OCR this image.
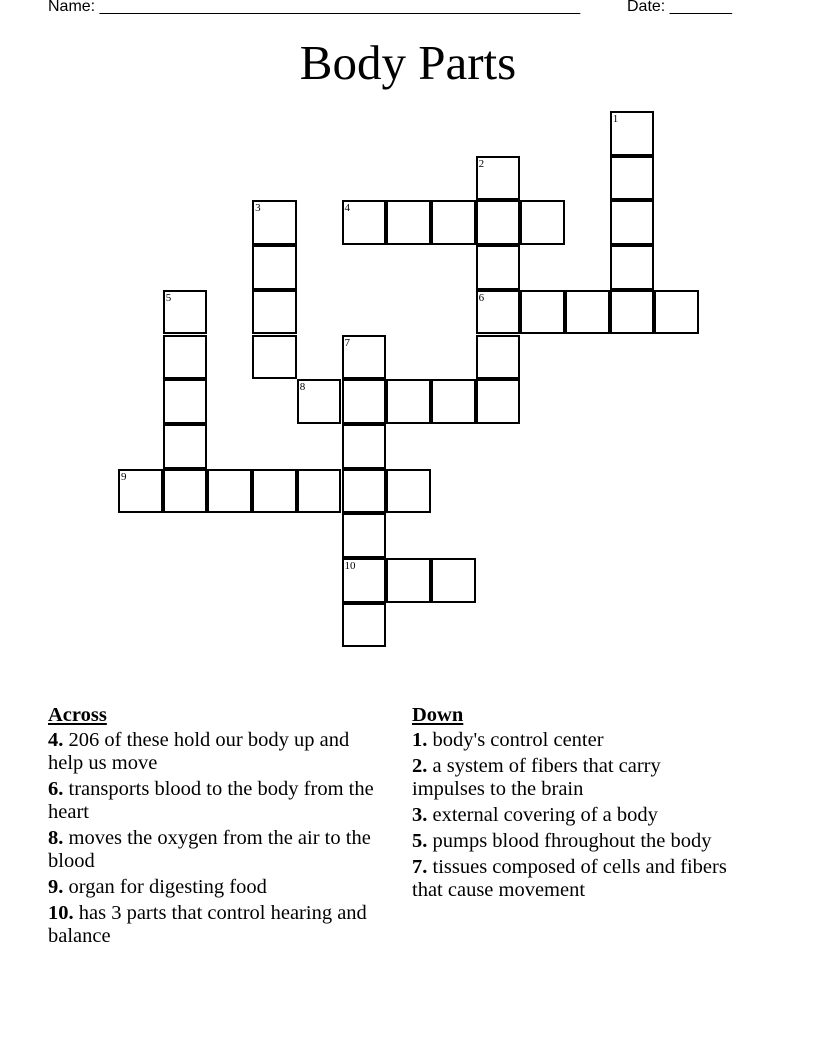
Name: ______________________________________________________	Date: _______
Body Parts
1
2
6
3	4
5
7
10
8
9
Across
4. 206 of these hold our body up and help us move
6. transports blood to the body from the heart
8. moves the oxygen from the air to the blood
9. organ for digesting food
10. has 3 parts that control hearing and balance
Down
1. body's control center
2. a system of fibers that carry impulses to the brain
3. external covering of a body
5. pumps blood fhroughout the body
7. tissues composed of cells and fibers that cause movement
